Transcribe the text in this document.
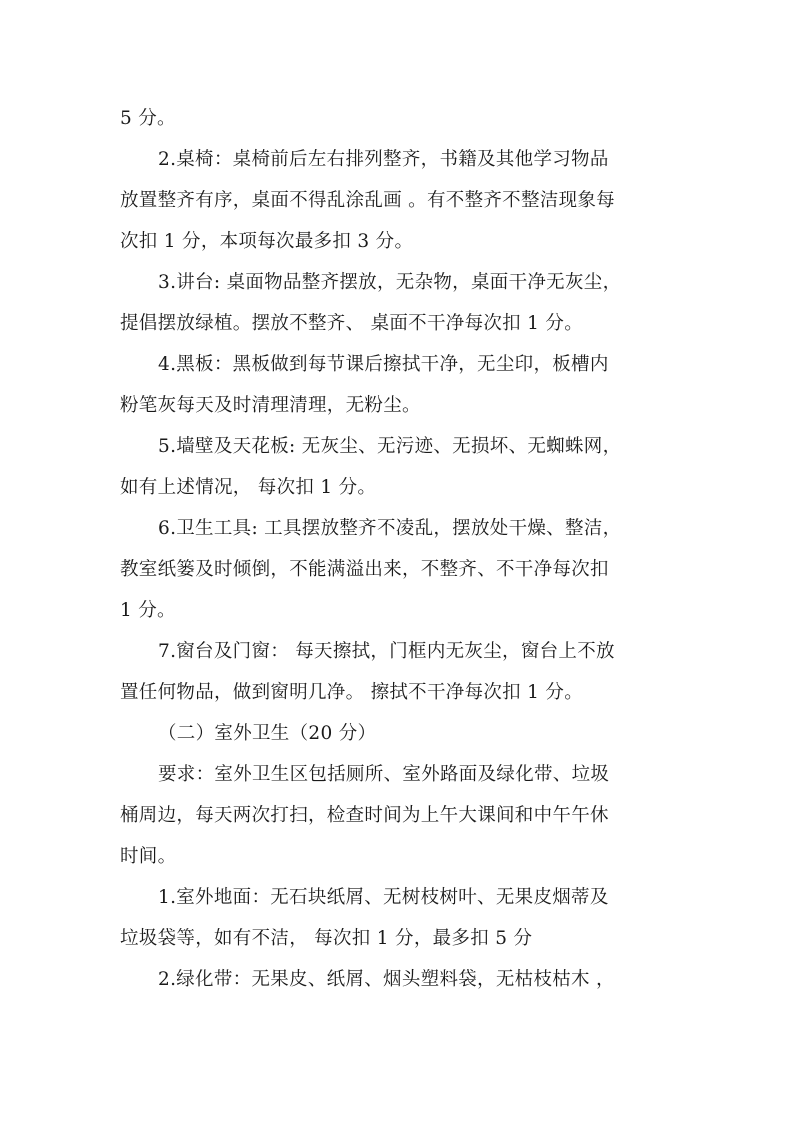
5 分。
2.桌椅：桌椅前后左右排列整齐，书籍及其他学习物品
放置整齐有序，桌面不得乱涂乱画 。有不整齐不整洁现象每
次扣 1 分，本项每次最多扣 3 分。
3.讲台: 桌面物品整齐摆放，无杂物，桌面干净无灰尘，
提倡摆放绿植。摆放不整齐、 桌面不干净每次扣 1 分。
4.黑板：黑板做到每节课后擦拭干净，无尘印，板槽内
粉笔灰每天及时清理清理，无粉尘。
5.墙壁及天花板: 无灰尘、无污迹、无损坏、无蜘蛛网，
如有上述情况， 每次扣 1 分。
6.卫生工具: 工具摆放整齐不凌乱，摆放处干燥、整洁，
教室纸篓及时倾倒，不能满溢出来，不整齐、不干净每次扣
1 分。
7.窗台及门窗： 每天擦拭，门框内无灰尘，窗台上不放
置任何物品，做到窗明几净。 擦拭不干净每次扣 1 分。
（二）室外卫生（20 分）
要求：室外卫生区包括厕所、室外路面及绿化带、垃圾
桶周边，每天两次打扫，检查时间为上午大课间和中午午休
时间。
1.室外地面：无石块纸屑、无树枝树叶、无果皮烟蒂及
垃圾袋等，如有不洁， 每次扣 1 分，最多扣 5 分
2.绿化带：无果皮、纸屑、烟头塑料袋，无枯枝枯木 ，
